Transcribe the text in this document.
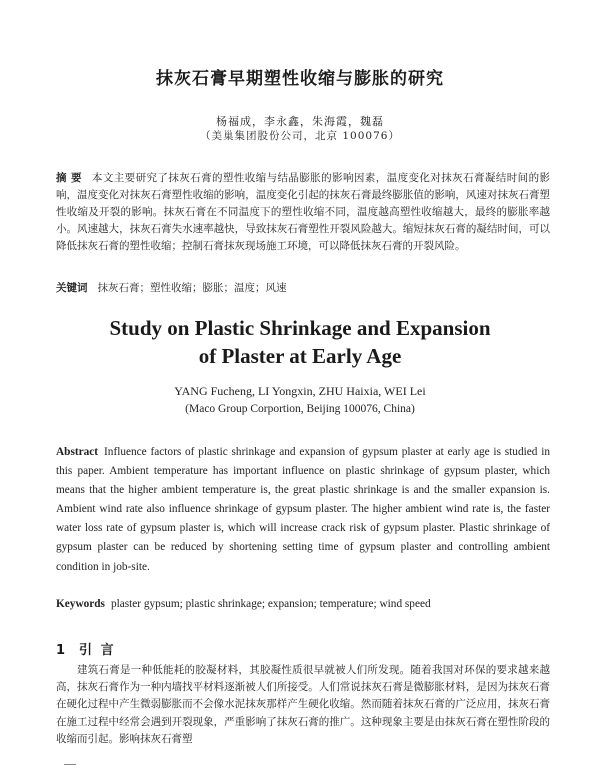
抹灰石膏早期塑性收缩与膨胀的研究
杨福成，李永鑫，朱海霞，魏磊
（美巢集团股份公司，北京 100076）
摘 要 本文主要研究了抹灰石膏的塑性收缩与结晶膨胀的影响因素，温度变化对抹灰石膏凝结时间的影响，温度变化对抹灰石膏塑性收缩的影响，温度变化引起的抹灰石膏最终膨胀值的影响，风速对抹灰石膏塑性收缩及开裂的影响。抹灰石膏在不同温度下的塑性收缩不同，温度越高塑性收缩越大，最终的膨胀率越小。风速越大，抹灰石膏失水速率越快，导致抹灰石膏塑性开裂风险越大。缩短抹灰石膏的凝结时间，可以降低抹灰石膏的塑性收缩；控制石膏抹灰现场施工环境，可以降低抹灰石膏的开裂风险。
关键词 抹灰石膏；塑性收缩；膨胀；温度；风速
Study on Plastic Shrinkage and Expansion
of Plaster at Early Age
YANG Fucheng, LI Yongxin, ZHU Haixia, WEI Lei
(Maco Group Corportion, Beijing 100076, China)
Abstract Influence factors of plastic shrinkage and expansion of gypsum plaster at early age is studied in this paper. Ambient temperature has important influence on plastic shrinkage of gypsum plaster, which means that the higher ambient temperature is, the great plastic shrinkage is and the smaller expansion is. Ambient wind rate also influence shrinkage of gypsum plaster. The higher ambient wind rate is, the faster water loss rate of gypsum plaster is, which will increase crack risk of gypsum plaster. Plastic shrinkage of gypsum plaster can be reduced by shortening setting time of gypsum plaster and controlling ambient condition in job-site.
Keywords plaster gypsum; plastic shrinkage; expansion; temperature; wind speed
1 引 言
建筑石膏是一种低能耗的胶凝材料，其胶凝性质很早就被人们所发现。随着我国对环保的要求越来越高，抹灰石膏作为一种内墙找平材料逐渐被人们所接受。人们常说抹灰石膏是微膨胀材料，是因为抹灰石膏在硬化过程中产生微弱膨胀而不会像水泥抹灰那样产生硬化收缩。然而随着抹灰石膏的广泛应用，抹灰石膏在施工过程中经常会遇到开裂现象，严重影响了抹灰石膏的推广。这种现象主要是由抹灰石膏在塑性阶段的收缩而引起。影响抹灰石膏塑
